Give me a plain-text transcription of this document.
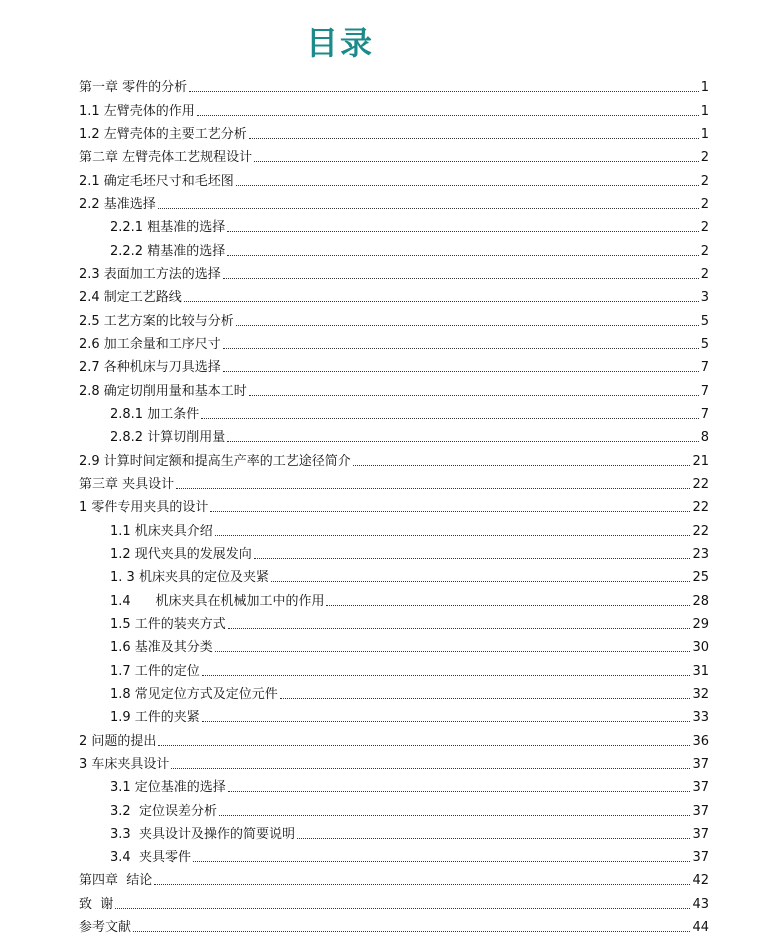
目录
第一章 零件的分析	1
1.1 左臂壳体的作用	1
1.2 左臂壳体的主要工艺分析	1
第二章 左臂壳体工艺规程设计	2
2.1 确定毛坯尺寸和毛坯图	2
2.2 基准选择	2
2.2.1 粗基准的选择	2
2.2.2 精基准的选择	2
2.3 表面加工方法的选择	2
2.4 制定工艺路线	3
2.5 工艺方案的比较与分析	5
2.6 加工余量和工序尺寸	5
2.7 各种机床与刀具选择	7
2.8 确定切削用量和基本工时	7
2.8.1 加工条件	7
2.8.2 计算切削用量	8
2.9 计算时间定额和提高生产率的工艺途径简介	21
第三章 夹具设计	22
1 零件专用夹具的设计	22
1.1 机床夹具介绍	22
1.2 现代夹具的发展发向	23
1. 3 机床夹具的定位及夹紧	25
1.4      机床夹具在机械加工中的作用	28
1.5 工件的装夹方式	29
1.6 基准及其分类	30
1.7 工件的定位	31
1.8 常见定位方式及定位元件	32
1.9 工件的夹紧	33
2 问题的提出	36
3 车床夹具设计	37
3.1 定位基准的选择	37
3.2  定位误差分析	37
3.3  夹具设计及操作的简要说明	37
3.4  夹具零件	37
第四章  结论	42
致  谢	43
参考文献	44
